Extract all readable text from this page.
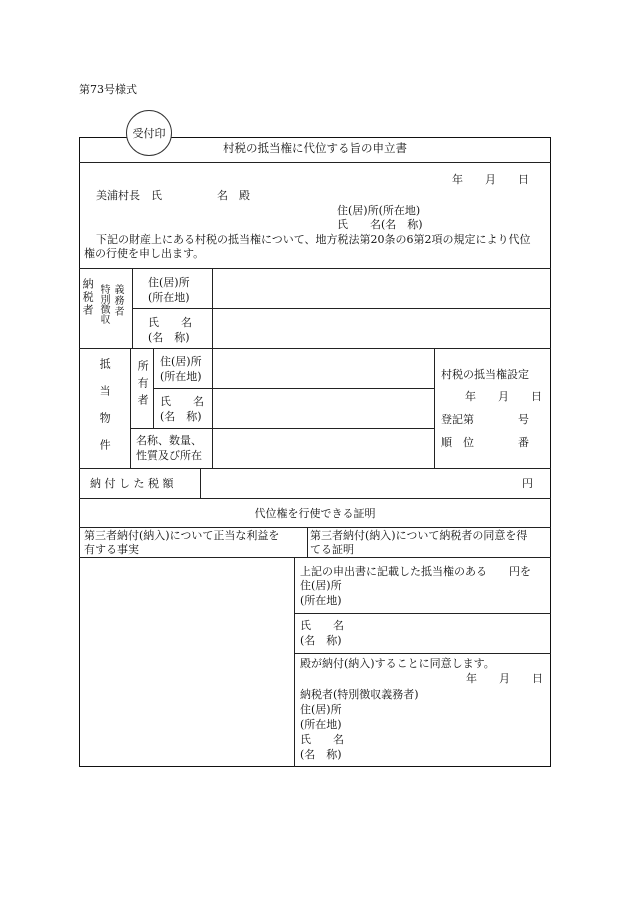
第73号様式
受付印
村税の抵当権に代位する旨の申立書
年　　月　　日
美浦村長　氏　　　　　名　殿
住(居)所(所在地)
氏　　名(名　称)
下記の財産上にある村税の抵当権について、地方税法第20条の6第2項の規定により代位
権の行使を申し出ます。
納税者 特別徴収 義務者
住(居)所
(所在地)
氏　　名
(名　称)
抵当物件 所有者 住(居)所
(所在地)
氏　　名
(名　称)
名称、数量、
性質及び所在
村税の抵当権設定
年　　月　　日
登記第　　　　号
順　位　　　　番
納 付 し た 税 額	円
代位権を行使できる証明
第三者納付(納入)について正当な利益を
有する事実
第三者納付(納入)について納税者の同意を得
てる証明
上記の申出書に記載した抵当権のある　　円を
住(居)所
(所在地)
氏　　名
(名　称)
殿が納付(納入)することに同意します。
年　　月　　日
納税者(特別徴収義務者)
住(居)所
(所在地)
氏　　名
(名　称)
